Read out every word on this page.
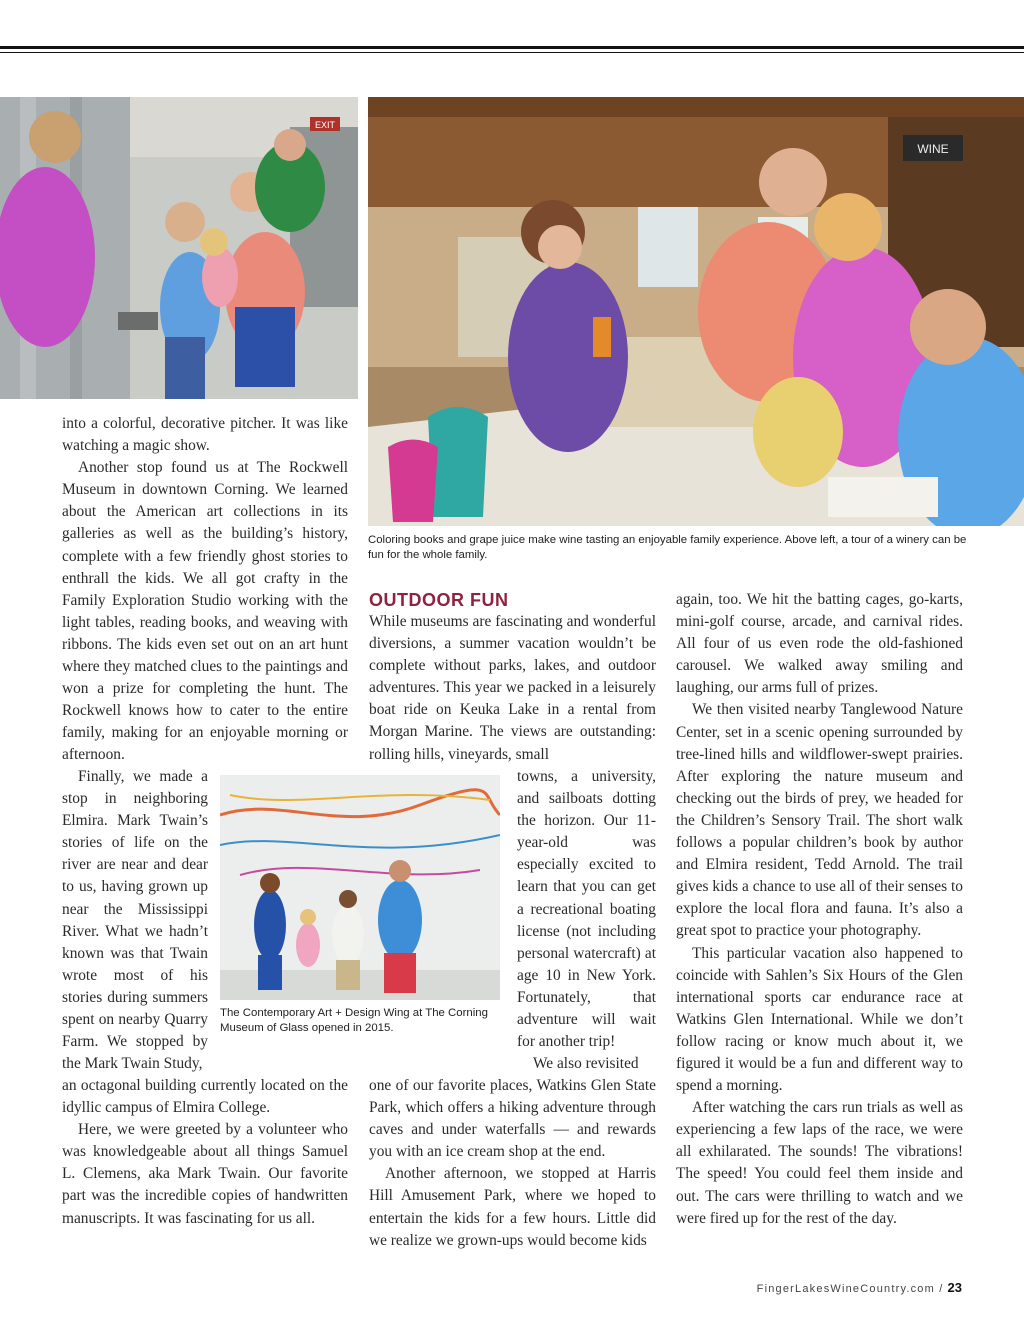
EXIT
WINE
Coloring books and grape juice make wine tasting an enjoyable family experience. Above left, a tour of a winery can be fun for the whole family.
The Contemporary Art + Design Wing at The Corning Museum of Glass opened in 2015.

into a colorful, decorative pitcher. It was like watching a magic show.

Another stop found us at The Rockwell Museum in downtown Corning. We learned about the American art collections in its galleries as well as the building’s history, complete with a few friendly ghost stories to enthrall the kids. We all got crafty in the Family Exploration Studio working with the light tables, reading books, and weaving with ribbons. The kids even set out on an art hunt where they matched clues to the paintings and won a prize for completing the hunt. The Rockwell knows how to cater to the entire family, making for an enjoyable morning or afternoon.

Finally, we made a stop in neighboring Elmira. Mark Twain’s stories of life on the river are near and dear to us, having grown up near the Mississippi River. What we hadn’t known was that Twain wrote most of his stories during summers spent on nearby Quarry Farm. We stopped by the Mark Twain Study,

an octagonal building currently located on the idyllic campus of Elmira College.

Here, we were greeted by a volunteer who was knowledgeable about all things Samuel L. Clemens, aka Mark Twain. Our favorite part was the incredible copies of handwritten manuscripts. It was fascinating for us all.

OUTDOOR FUN

While museums are fascinating and wonderful diversions, a summer vacation wouldn’t be complete without parks, lakes, and outdoor adventures. This year we packed in a leisurely boat ride on Keuka Lake in a rental from Morgan Marine. The views are outstanding: rolling hills, vineyards, small

towns, a university, and sailboats dotting the horizon. Our 11-year-old was especially excited to learn that you can get a recreational boating license (not including personal watercraft) at age 10 in New York. Fortunately, that adventure will wait for another trip!

We also revisited

one of our favorite places, Watkins Glen State Park, which offers a hiking adventure through caves and under waterfalls — and rewards you with an ice cream shop at the end.

Another afternoon, we stopped at Harris Hill Amusement Park, where we hoped to entertain the kids for a few hours. Little did we realize we grown-ups would become kids

again, too. We hit the batting cages, go-karts, mini-golf course, arcade, and carnival rides. All four of us even rode the old-fashioned carousel. We walked away smiling and laughing, our arms full of prizes.

We then visited nearby Tanglewood Nature Center, set in a scenic opening surrounded by tree-lined hills and wildflower-swept prairies. After exploring the nature museum and checking out the birds of prey, we headed for the Children’s Sensory Trail. The short walk follows a popular children’s book by author and Elmira resident, Tedd Arnold. The trail gives kids a chance to use all of their senses to explore the local flora and fauna. It’s also a great spot to practice your photography.

This particular vacation also happened to coincide with Sahlen’s Six Hours of the Glen international sports car endurance race at Watkins Glen International. While we don’t follow racing or know much about it, we figured it would be a fun and different way to spend a morning.

After watching the cars run trials as well as experiencing a few laps of the race, we were all exhilarated. The sounds! The vibrations! The speed! You could feel them inside and out. The cars were thrilling to watch and we were fired up for the rest of the day.

FingerLakesWineCountry.com / 23
